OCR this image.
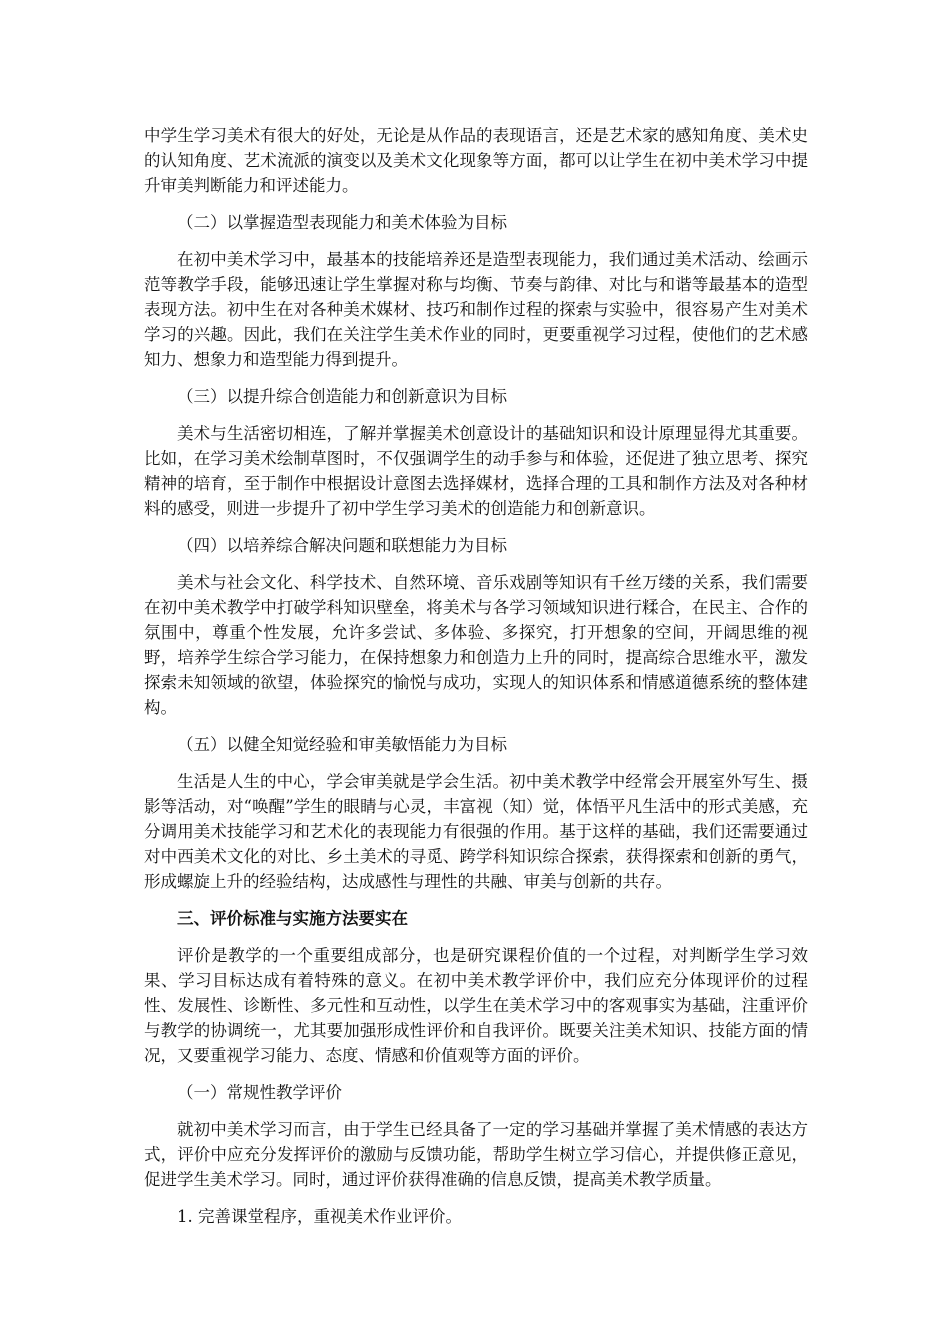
中学生学习美术有很大的好处，无论是从作品的表现语言，还是艺术家的感知角度、美术史的认知角度、艺术流派的演变以及美术文化现象等方面，都可以让学生在初中美术学习中提升审美判断能力和评述能力。

（二）以掌握造型表现能力和美术体验为目标

在初中美术学习中，最基本的技能培养还是造型表现能力，我们通过美术活动、绘画示范等教学手段，能够迅速让学生掌握对称与均衡、节奏与韵律、对比与和谐等最基本的造型表现方法。初中生在对各种美术媒材、技巧和制作过程的探索与实验中，很容易产生对美术学习的兴趣。因此，我们在关注学生美术作业的同时，更要重视学习过程，使他们的艺术感知力、想象力和造型能力得到提升。

（三）以提升综合创造能力和创新意识为目标

美术与生活密切相连，了解并掌握美术创意设计的基础知识和设计原理显得尤其重要。比如，在学习美术绘制草图时，不仅强调学生的动手参与和体验，还促进了独立思考、探究精神的培育，至于制作中根据设计意图去选择媒材，选择合理的工具和制作方法及对各种材料的感受，则进一步提升了初中学生学习美术的创造能力和创新意识。

（四）以培养综合解决问题和联想能力为目标

美术与社会文化、科学技术、自然环境、音乐戏剧等知识有千丝万缕的关系，我们需要在初中美术教学中打破学科知识壁垒，将美术与各学习领域知识进行糅合，在民主、合作的氛围中，尊重个性发展，允许多尝试、多体验、多探究，打开想象的空间，开阔思维的视野，培养学生综合学习能力，在保持想象力和创造力上升的同时，提高综合思维水平，激发探索未知领域的欲望，体验探究的愉悦与成功，实现人的知识体系和情感道德系统的整体建构。

（五）以健全知觉经验和审美敏悟能力为目标

生活是人生的中心，学会审美就是学会生活。初中美术教学中经常会开展室外写生、摄影等活动，对“唤醒”学生的眼睛与心灵，丰富视（知）觉，体悟平凡生活中的形式美感，充分调用美术技能学习和艺术化的表现能力有很强的作用。基于这样的基础，我们还需要通过对中西美术文化的对比、乡土美术的寻觅、跨学科知识综合探索，获得探索和创新的勇气，形成螺旋上升的经验结构，达成感性与理性的共融、审美与创新的共存。

三、评价标准与实施方法要实在

评价是教学的一个重要组成部分，也是研究课程价值的一个过程，对判断学生学习效果、学习目标达成有着特殊的意义。在初中美术教学评价中，我们应充分体现评价的过程性、发展性、诊断性、多元性和互动性，以学生在美术学习中的客观事实为基础，注重评价与教学的协调统一，尤其要加强形成性评价和自我评价。既要关注美术知识、技能方面的情况，又要重视学习能力、态度、情感和价值观等方面的评价。

（一）常规性教学评价

就初中美术学习而言，由于学生已经具备了一定的学习基础并掌握了美术情感的表达方式，评价中应充分发挥评价的激励与反馈功能，帮助学生树立学习信心，并提供修正意见，促进学生美术学习。同时，通过评价获得准确的信息反馈，提高美术教学质量。

1. 完善课堂程序，重视美术作业评价。
